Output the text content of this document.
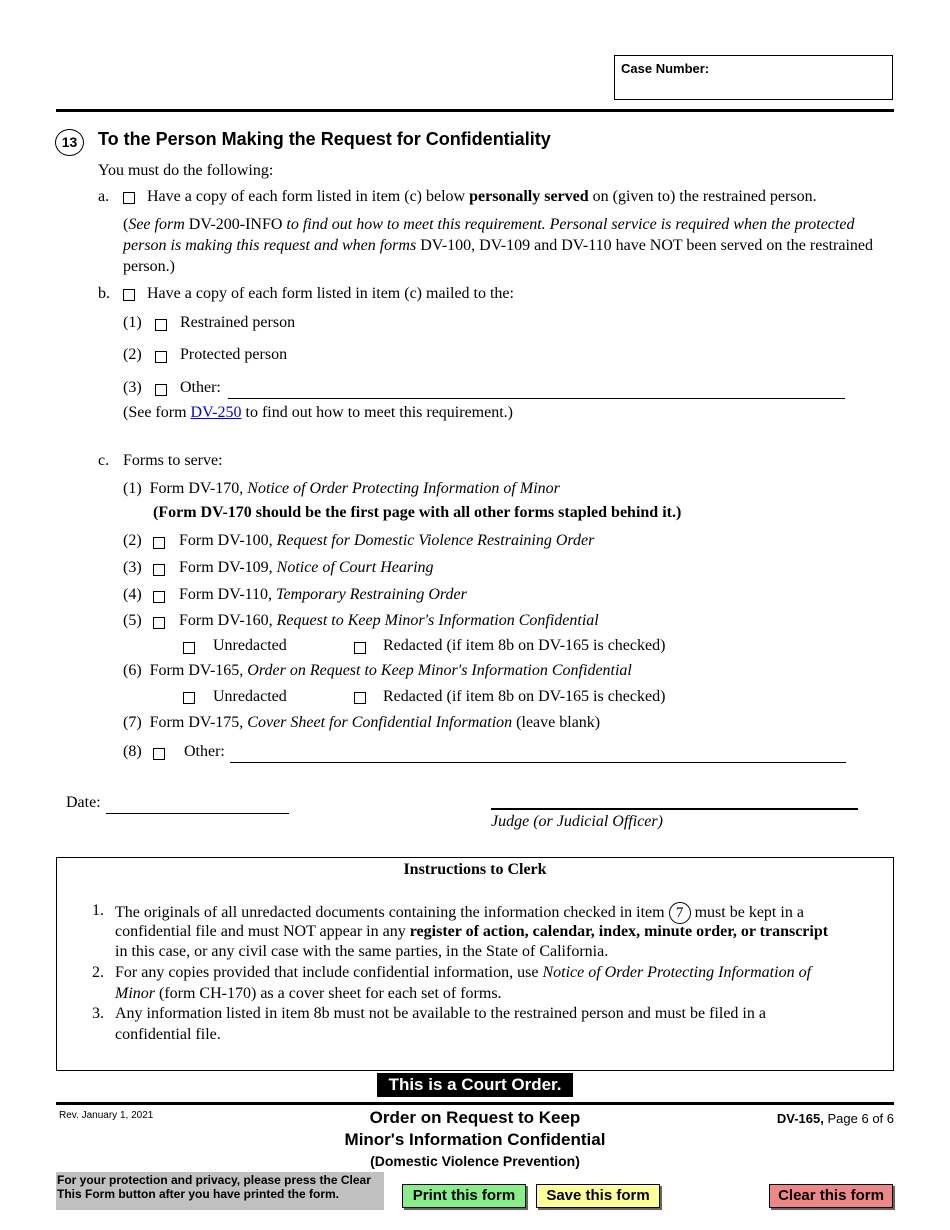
Case Number:
13	To the Person Making the Request for Confidentiality
You must do the following:
a. Have a copy of each form listed in item (c) below personally served on (given to) the restrained person.
(See form DV-200-INFO to find out how to meet this requirement. Personal service is required when the protected person is making this request and when forms DV-100, DV-109 and DV-110 have NOT been served on the restrained person.)
b. Have a copy of each form listed in item (c) mailed to the:
(1) Restrained person
(2) Protected person
(3) Other:
(See form DV-250 to find out how to meet this requirement.)
c. Forms to serve:
(1) Form DV-170, Notice of Order Protecting Information of Minor
(Form DV-170 should be the first page with all other forms stapled behind it.)
(2) Form DV-100, Request for Domestic Violence Restraining Order
(3) Form DV-109, Notice of Court Hearing
(4) Form DV-110, Temporary Restraining Order
(5) Form DV-160, Request to Keep Minor's Information Confidential
Unredacted	Redacted (if item 8b on DV-165 is checked)
(6) Form DV-165, Order on Request to Keep Minor's Information Confidential
Unredacted	Redacted (if item 8b on DV-165 is checked)
(7) Form DV-175, Cover Sheet for Confidential Information (leave blank)
(8)	Other:
Date:
Judge (or Judicial Officer)
Instructions to Clerk
1. The originals of all unredacted documents containing the information checked in item 7 must be kept in a
confidential file and must NOT appear in any register of action, calendar, index, minute order, or transcript
in this case, or any civil case with the same parties, in the State of California.
2. For any copies provided that include confidential information, use Notice of Order Protecting Information of
Minor (form CH-170) as a cover sheet for each set of forms.
3. Any information listed in item 8b must not be available to the restrained person and must be filed in a
confidential file.
This is a Court Order.
Rev. January 1, 2021	Order on Request to Keep
Minor's Information Confidential
(Domestic Violence Prevention)
DV-165, Page 6 of 6
For your protection and privacy, please press the Clear
This Form button after you have printed the form.	Print this form	Save this form	Clear this form
